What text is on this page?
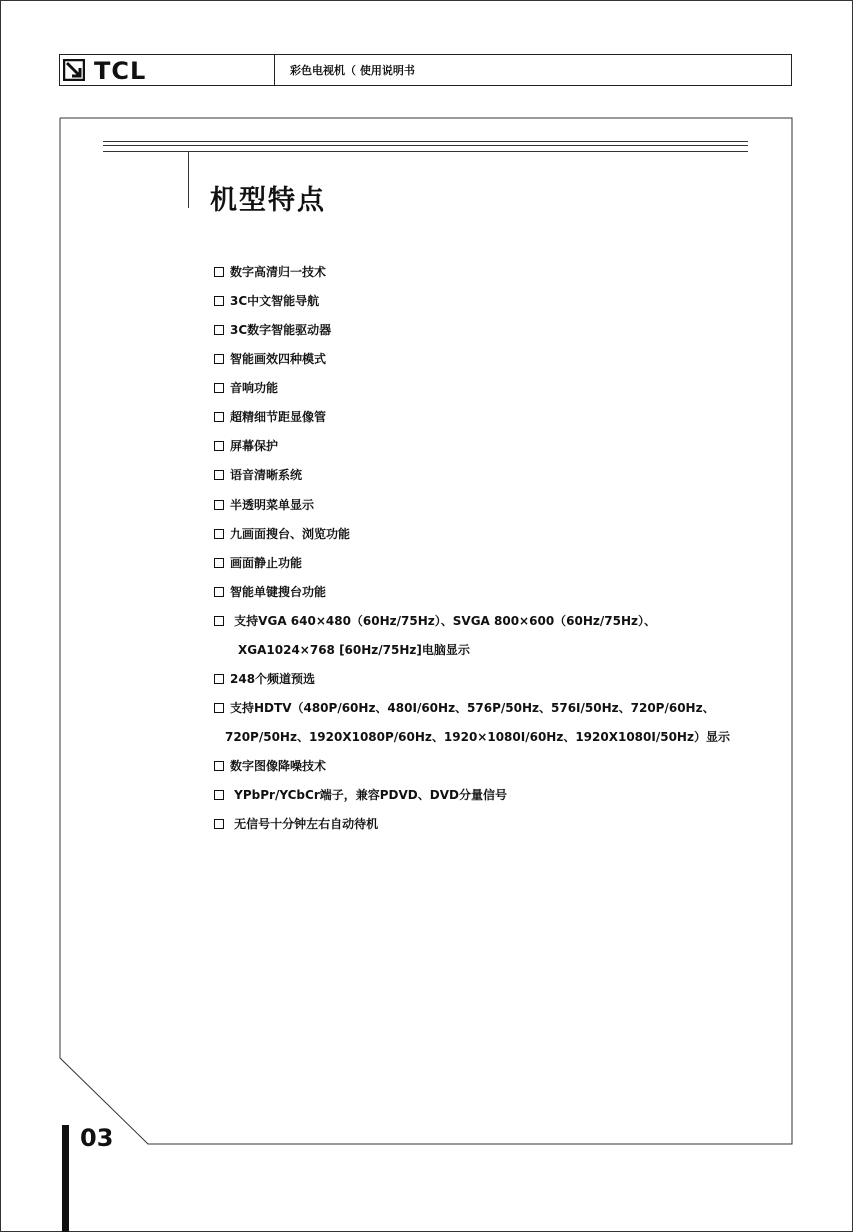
TCL	彩色电视机（ 使用说明书
机型特点
数字高清归一技术
3C中文智能导航
3C数字智能驱动器
智能画效四种模式
音响功能
超精细节距显像管
屏幕保护
语音清晰系统
半透明菜单显示
九画面搜台、浏览功能
画面静止功能
智能单键搜台功能
支持VGA 640×480（60Hz/75Hz）、SVGA 800×600（60Hz/75Hz）、
XGA1024×768 [60Hz/75Hz]电脑显示
248个频道预选
支持HDTV（480P/60Hz、480I/60Hz、576P/50Hz、576I/50Hz、720P/60Hz、
720P/50Hz、1920X1080P/60Hz、1920×1080I/60Hz、1920X1080I/50Hz）显示
数字图像降噪技术
YPbPr/YCbCr端子，兼容PDVD、DVD分量信号
无信号十分钟左右自动待机
03
